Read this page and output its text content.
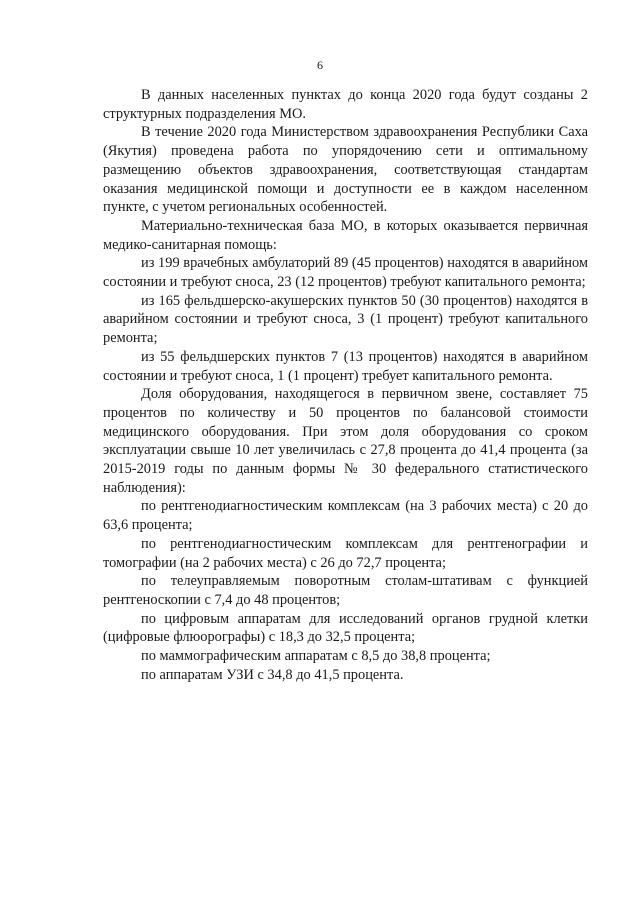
6

В данных населенных пунктах до конца 2020 года будут созданы 2 структурных подразделения МО.

В течение 2020 года Министерством здравоохранения Республики Саха (Якутия) проведена работа по упорядочению сети и оптимальному размещению объектов здравоохранения, соответствующая стандартам оказания медицинской помощи и доступности ее в каждом населенном пункте, с учетом региональных особенностей.

Материально-техническая база МО, в которых оказывается первичная медико-санитарная помощь:

из 199 врачебных амбулаторий 89 (45 процентов) находятся в аварийном состоянии и требуют сноса, 23 (12 процентов) требуют капитального ремонта;

из 165 фельдшерско-акушерских пунктов 50 (30 процентов) находятся в аварийном состоянии и требуют сноса, 3 (1 процент) требуют капитального ремонта;

из 55 фельдшерских пунктов 7 (13 процентов) находятся в аварийном состоянии и требуют сноса, 1 (1 процент) требует капитального ремонта.

Доля оборудования, находящегося в первичном звене, составляет 75 процентов по количеству и 50 процентов по балансовой стоимости медицинского оборудования. При этом доля оборудования со сроком эксплуатации свыше 10 лет увеличилась с 27,8 процента до 41,4 процента (за 2015-2019 годы по данным формы № 30 федерального статистического наблюдения):

по рентгенодиагностическим комплексам (на 3 рабочих места) с 20 до 63,6 процента;

по рентгенодиагностическим комплексам для рентгенографии и томографии (на 2 рабочих места) с 26 до 72,7 процента;

по телеуправляемым поворотным столам-штативам с функцией рентгеноскопии с 7,4 до 48 процентов;

по цифровым аппаратам для исследований органов грудной клетки (цифровые флюорографы) с 18,3 до 32,5 процента;

по маммографическим аппаратам с 8,5 до 38,8 процента;

по аппаратам УЗИ с 34,8 до 41,5 процента.
